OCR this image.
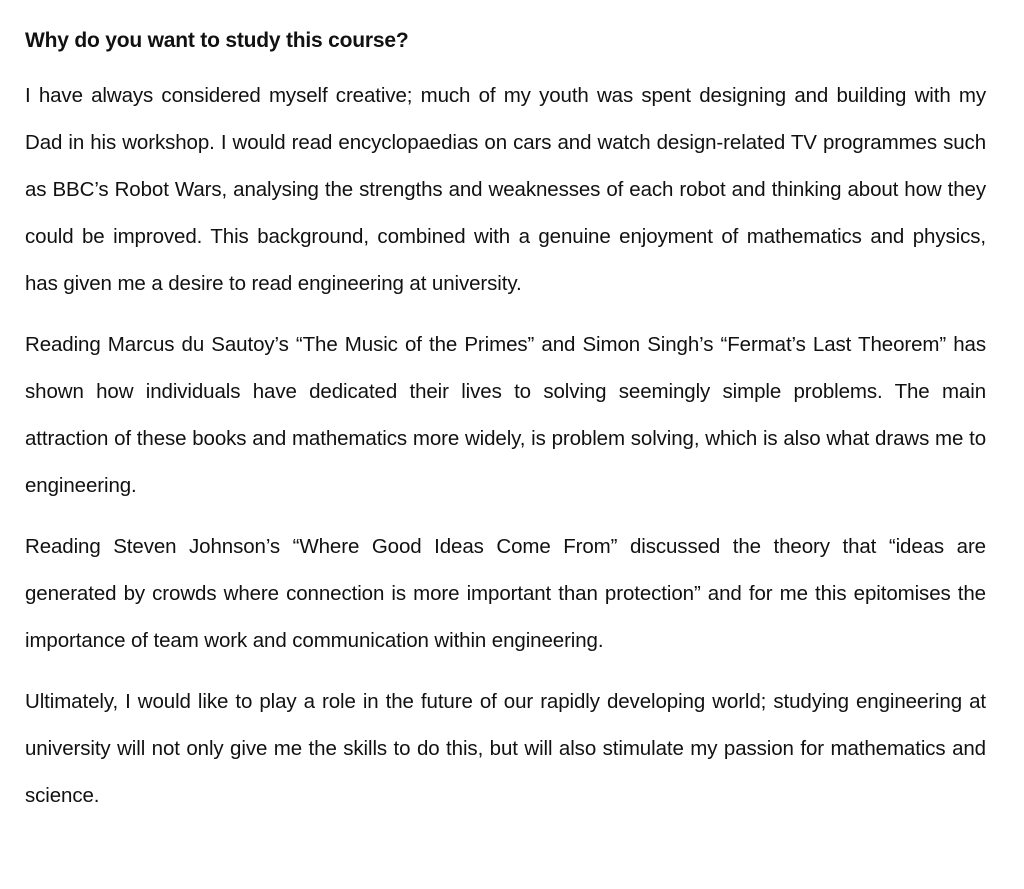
Why do you want to study this course?

I have always considered myself creative; much of my youth was spent designing and building with my Dad in his workshop. I would read encyclopaedias on cars and watch design-related TV programmes such as BBC’s Robot Wars, analysing the strengths and weaknesses of each robot and thinking about how they could be improved. This background, combined with a genuine enjoyment of mathematics and physics, has given me a desire to read engineering at university.

Reading Marcus du Sautoy’s “The Music of the Primes” and Simon Singh’s “Fermat’s Last Theorem” has shown how individuals have dedicated their lives to solving seemingly simple problems. The main attraction of these books and mathematics more widely, is problem solving, which is also what draws me to engineering.

Reading Steven Johnson’s “Where Good Ideas Come From” discussed the theory that “ideas are generated by crowds where connection is more important than protection” and for me this epitomises the importance of team work and communication within engineering.

Ultimately, I would like to play a role in the future of our rapidly developing world; studying engineering at university will not only give me the skills to do this, but will also stimulate my passion for mathematics and science.
